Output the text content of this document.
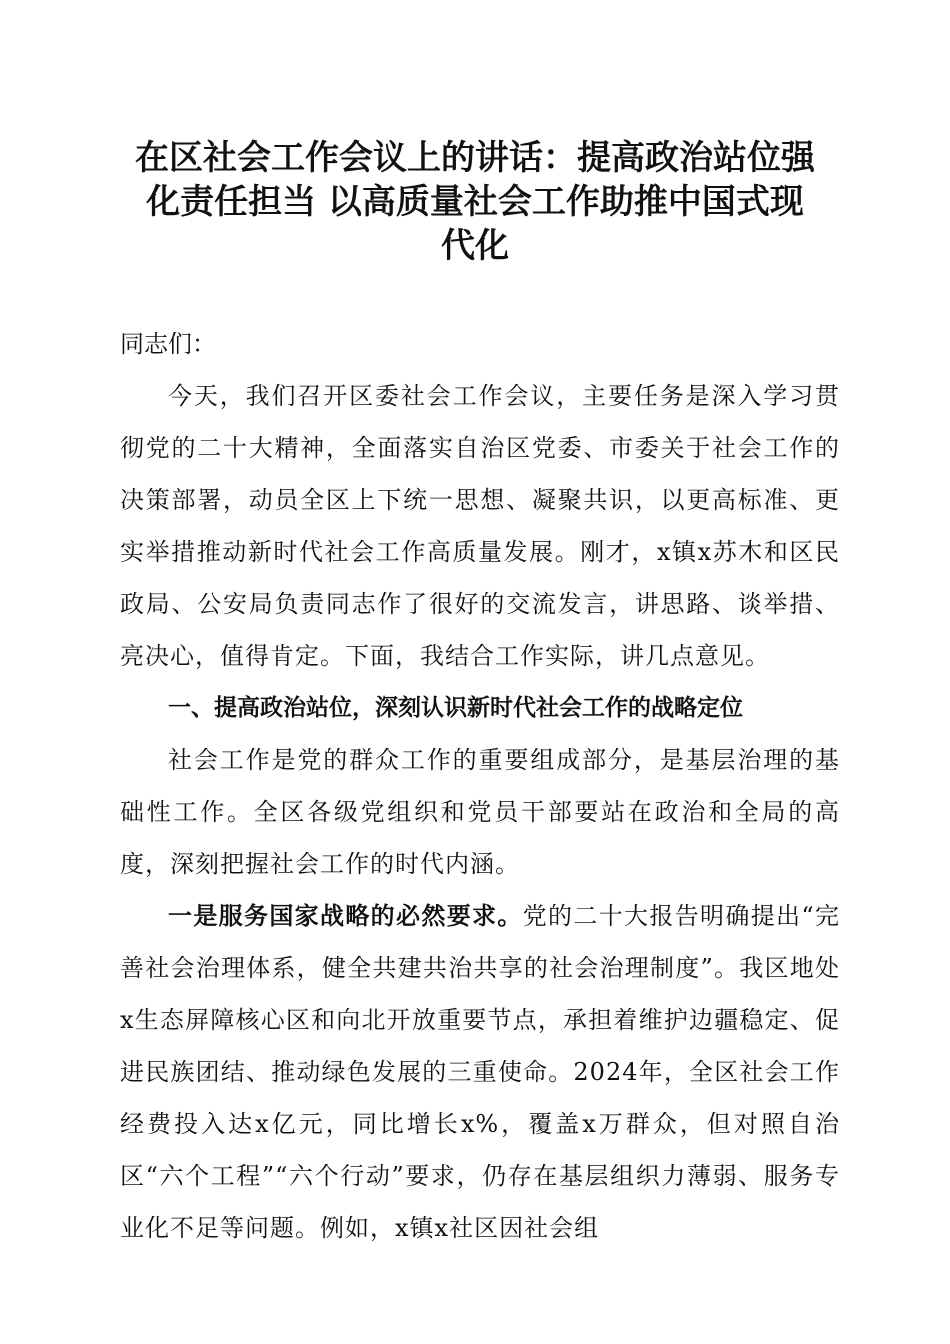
在区社会工作会议上的讲话：提高政治站位强
化责任担当 以高质量社会工作助推中国式现
代化

同志们：

今天，我们召开区委社会工作会议，主要任务是深入学习贯彻党的二十大精神，全面落实自治区党委、市委关于社会工作的决策部署，动员全区上下统一思想、凝聚共识，以更高标准、更实举措推动新时代社会工作高质量发展。刚才，x镇x苏木和区民政局、公安局负责同志作了很好的交流发言，讲思路、谈举措、亮决心，值得肯定。下面，我结合工作实际，讲几点意见。

一、提高政治站位，深刻认识新时代社会工作的战略定位

社会工作是党的群众工作的重要组成部分，是基层治理的基础性工作。全区各级党组织和党员干部要站在政治和全局的高度，深刻把握社会工作的时代内涵。

一是服务国家战略的必然要求。党的二十大报告明确提出“完善社会治理体系，健全共建共治共享的社会治理制度”。我区地处x生态屏障核心区和向北开放重要节点，承担着维护边疆稳定、促进民族团结、推动绿色发展的三重使命。2024年，全区社会工作经费投入达x亿元，同比增长x%，覆盖x万群众，但对照自治区“六个工程”“六个行动”要求，仍存在基层组织力薄弱、服务专业化不足等问题。例如，x镇x社区因社会组
